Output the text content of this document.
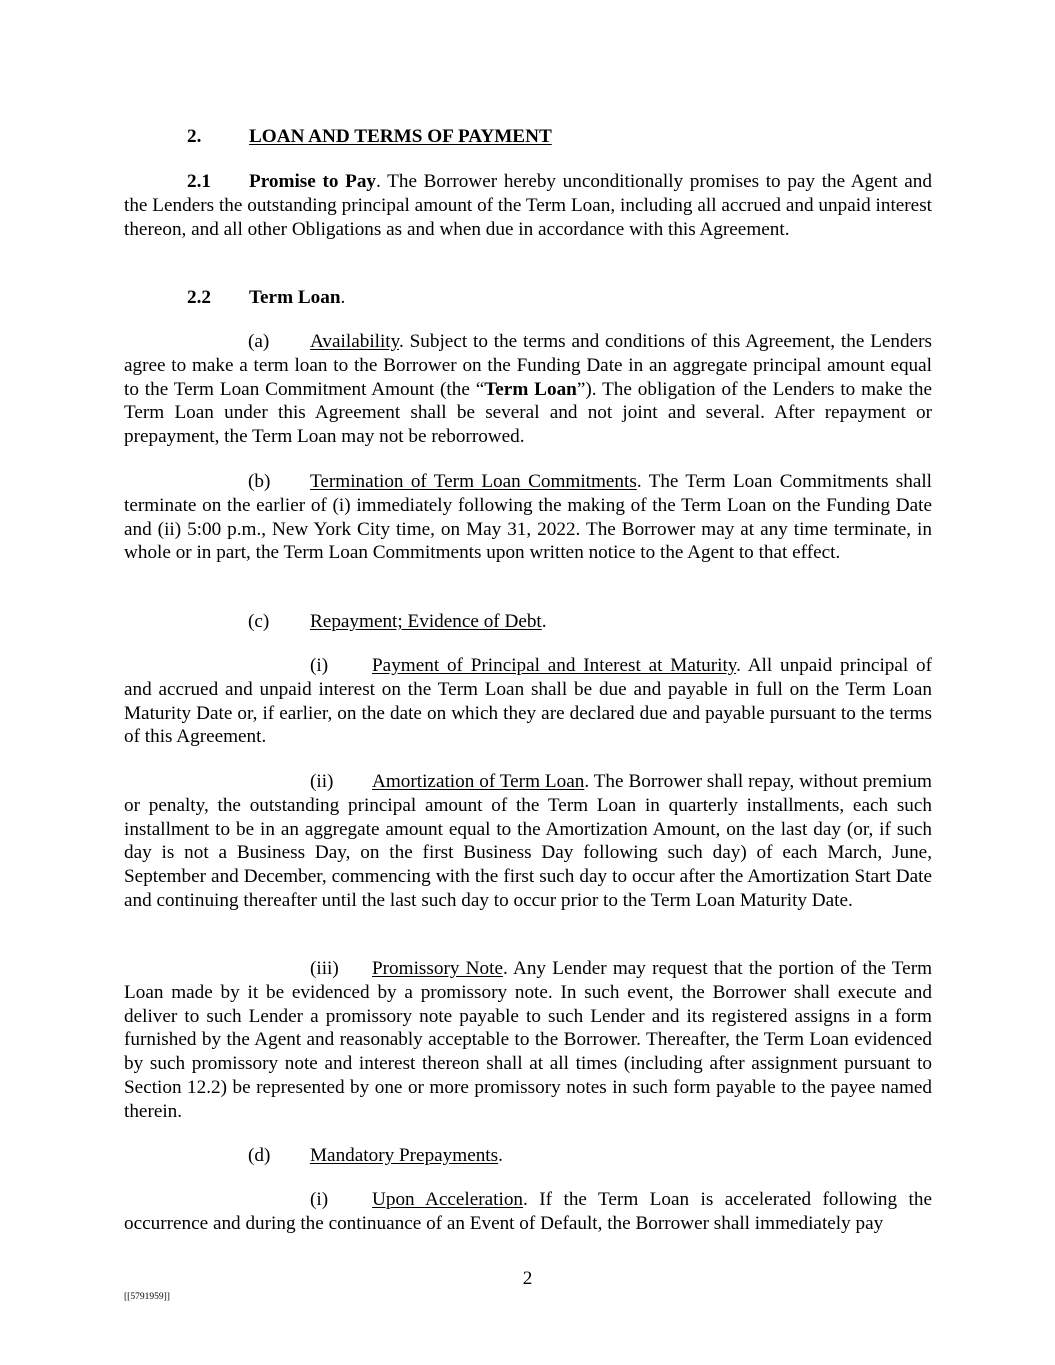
2. LOAN AND TERMS OF PAYMENT

2.1 Promise to Pay. The Borrower hereby unconditionally promises to pay the Agent and the Lenders the outstanding principal amount of the Term Loan, including all accrued and unpaid interest thereon, and all other Obligations as and when due in accordance with this Agreement.

2.2 Term Loan.

(a) Availability. Subject to the terms and conditions of this Agreement, the Lenders agree to make a term loan to the Borrower on the Funding Date in an aggregate principal amount equal to the Term Loan Commitment Amount (the “Term Loan”). The obligation of the Lenders to make the Term Loan under this Agreement shall be several and not joint and several. After repayment or prepayment, the Term Loan may not be reborrowed.

(b) Termination of Term Loan Commitments. The Term Loan Commitments shall terminate on the earlier of (i) immediately following the making of the Term Loan on the Funding Date and (ii) 5:00 p.m., New York City time, on May 31, 2022. The Borrower may at any time terminate, in whole or in part, the Term Loan Commitments upon written notice to the Agent to that effect.

(c) Repayment; Evidence of Debt.

(i) Payment of Principal and Interest at Maturity. All unpaid principal of and accrued and unpaid interest on the Term Loan shall be due and payable in full on the Term Loan Maturity Date or, if earlier, on the date on which they are declared due and payable pursuant to the terms of this Agreement.

(ii) Amortization of Term Loan. The Borrower shall repay, without premium or penalty, the outstanding principal amount of the Term Loan in quarterly installments, each such installment to be in an aggregate amount equal to the Amortization Amount, on the last day (or, if such day is not a Business Day, on the first Business Day following such day) of each March, June, September and December, commencing with the first such day to occur after the Amortization Start Date and continuing thereafter until the last such day to occur prior to the Term Loan Maturity Date.

(iii) Promissory Note. Any Lender may request that the portion of the Term Loan made by it be evidenced by a promissory note. In such event, the Borrower shall execute and deliver to such Lender a promissory note payable to such Lender and its registered assigns in a form furnished by the Agent and reasonably acceptable to the Borrower. Thereafter, the Term Loan evidenced by such promissory note and interest thereon shall at all times (including after assignment pursuant to Section 12.2) be represented by one or more promissory notes in such form payable to the payee named therein.

(d) Mandatory Prepayments.

(i) Upon Acceleration. If the Term Loan is accelerated following the occurrence and during the continuance of an Event of Default, the Borrower shall immediately pay

2

[[5791959]]
